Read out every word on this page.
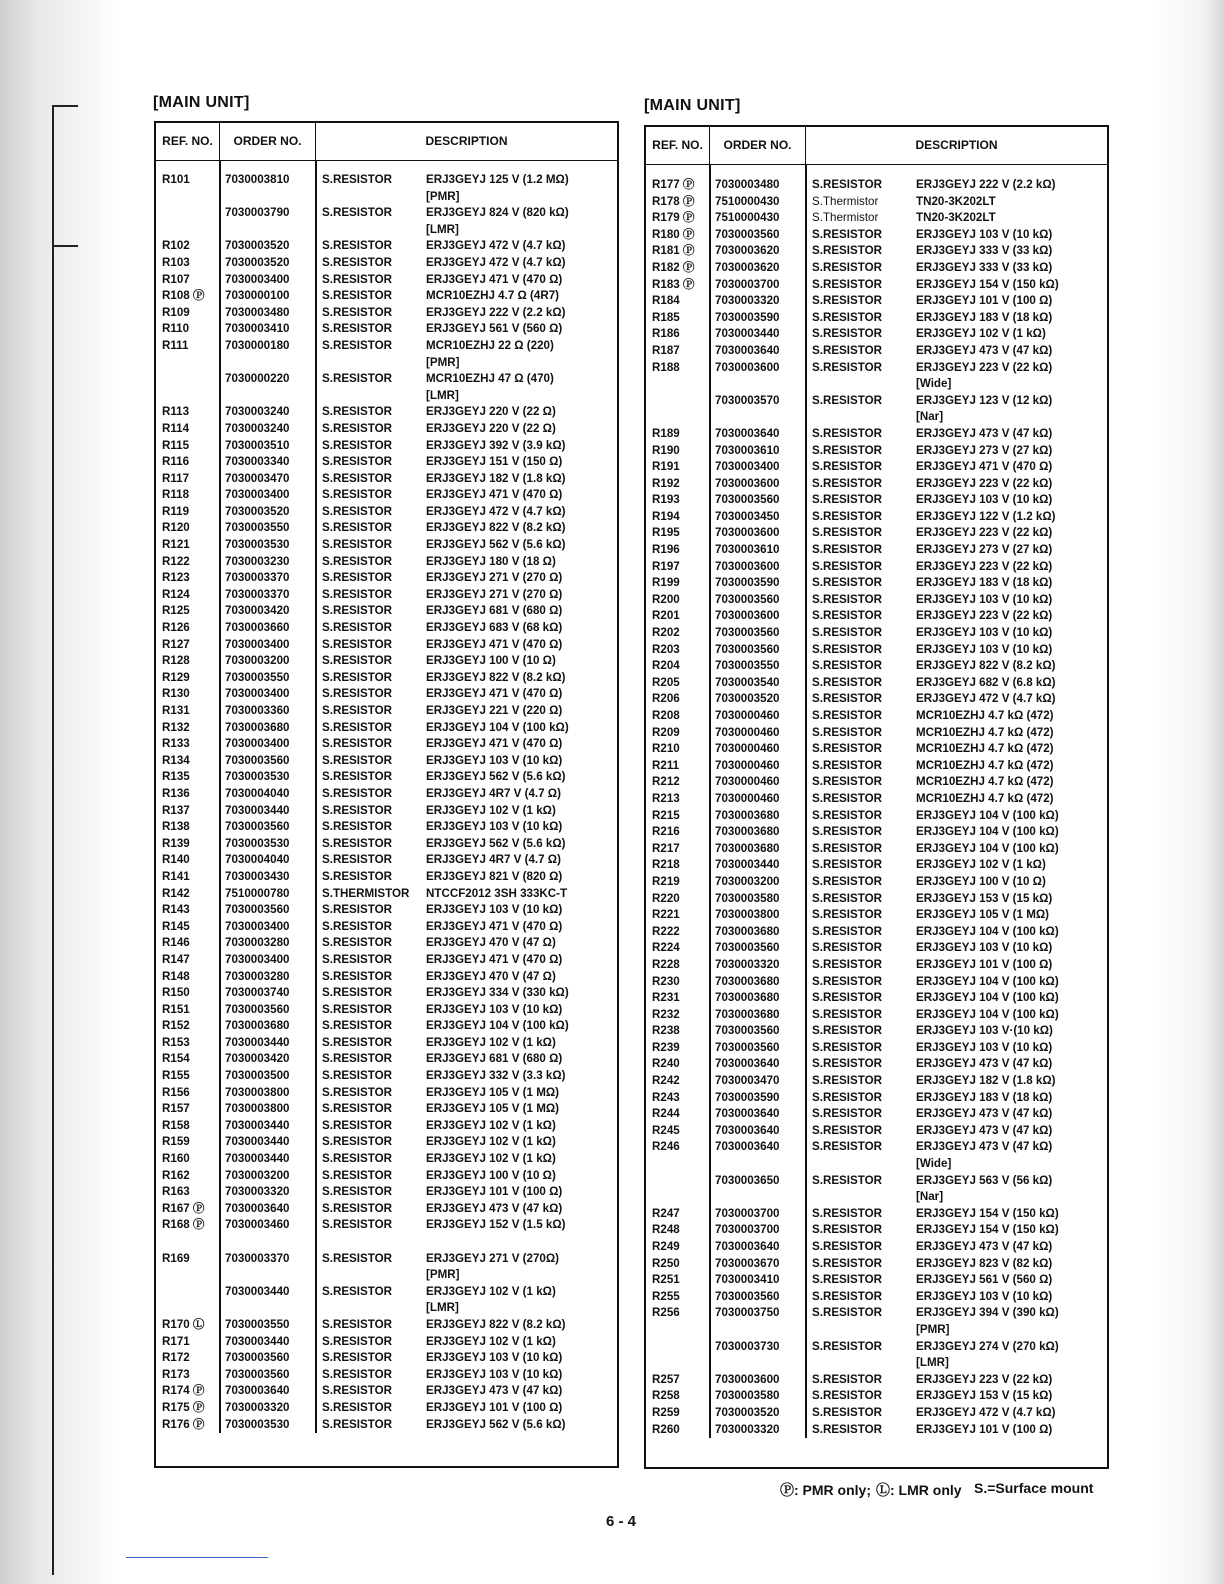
[MAIN UNIT]
REF. NO.	ORDER NO.	DESCRIPTION
R101	7030003810	S.RESISTOR	ERJ3GEYJ 125 V (1.2 MΩ)
[PMR]
7030003790	S.RESISTOR	ERJ3GEYJ 824 V (820 kΩ)
[LMR]
R102	7030003520	S.RESISTOR	ERJ3GEYJ 472 V (4.7 kΩ)
R103	7030003520	S.RESISTOR	ERJ3GEYJ 472 V (4.7 kΩ)
R107	7030003400	S.RESISTOR	ERJ3GEYJ 471 V (470 Ω)
R108 Ⓟ 7030000100	S.RESISTOR	MCR10EZHJ 4.7 Ω (4R7)
R109	7030003480	S.RESISTOR	ERJ3GEYJ 222 V (2.2 kΩ)
R110	7030003410	S.RESISTOR	ERJ3GEYJ 561 V (560 Ω)
R111	7030000180	S.RESISTOR	MCR10EZHJ 22 Ω (220)
[PMR]
7030000220	S.RESISTOR	MCR10EZHJ 47 Ω (470)
[LMR]
R113	7030003240	S.RESISTOR	ERJ3GEYJ 220 V (22 Ω)
R114	7030003240	S.RESISTOR	ERJ3GEYJ 220 V (22 Ω)
R115	7030003510	S.RESISTOR	ERJ3GEYJ 392 V (3.9 kΩ)
R116	7030003340	S.RESISTOR	ERJ3GEYJ 151 V (150 Ω)
R117	7030003470	S.RESISTOR	ERJ3GEYJ 182 V (1.8 kΩ)
R118	7030003400	S.RESISTOR	ERJ3GEYJ 471 V (470 Ω)
R119	7030003520	S.RESISTOR	ERJ3GEYJ 472 V (4.7 kΩ)
R120	7030003550	S.RESISTOR	ERJ3GEYJ 822 V (8.2 kΩ)
R121	7030003530	S.RESISTOR	ERJ3GEYJ 562 V (5.6 kΩ)
R122	7030003230	S.RESISTOR	ERJ3GEYJ 180 V (18 Ω)
R123	7030003370	S.RESISTOR	ERJ3GEYJ 271 V (270 Ω)
R124	7030003370	S.RESISTOR	ERJ3GEYJ 271 V (270 Ω)
R125	7030003420	S.RESISTOR	ERJ3GEYJ 681 V (680 Ω)
R126	7030003660	S.RESISTOR	ERJ3GEYJ 683 V (68 kΩ)
R127	7030003400	S.RESISTOR	ERJ3GEYJ 471 V (470 Ω)
R128	7030003200	S.RESISTOR	ERJ3GEYJ 100 V (10 Ω)
R129	7030003550	S.RESISTOR	ERJ3GEYJ 822 V (8.2 kΩ)
R130	7030003400	S.RESISTOR	ERJ3GEYJ 471 V (470 Ω)
R131	7030003360	S.RESISTOR	ERJ3GEYJ 221 V (220 Ω)
R132	7030003680	S.RESISTOR	ERJ3GEYJ 104 V (100 kΩ)
R133	7030003400	S.RESISTOR	ERJ3GEYJ 471 V (470 Ω)
R134	7030003560	S.RESISTOR	ERJ3GEYJ 103 V (10 kΩ)
R135	7030003530	S.RESISTOR	ERJ3GEYJ 562 V (5.6 kΩ)
R136	7030004040	S.RESISTOR	ERJ3GEYJ 4R7 V (4.7 Ω)
R137	7030003440	S.RESISTOR	ERJ3GEYJ 102 V (1 kΩ)
R138	7030003560	S.RESISTOR	ERJ3GEYJ 103 V (10 kΩ)
R139	7030003530	S.RESISTOR	ERJ3GEYJ 562 V (5.6 kΩ)
R140	7030004040	S.RESISTOR	ERJ3GEYJ 4R7 V (4.7 Ω)
R141	7030003430	S.RESISTOR	ERJ3GEYJ 821 V (820 Ω)
R142	7510000780	S.THERMISTOR NTCCF2012 3SH 333KC-T
R143	7030003560	S.RESISTOR	ERJ3GEYJ 103 V (10 kΩ)
R145	7030003400	S.RESISTOR	ERJ3GEYJ 471 V (470 Ω)
R146	7030003280	S.RESISTOR	ERJ3GEYJ 470 V (47 Ω)
R147	7030003400	S.RESISTOR	ERJ3GEYJ 471 V (470 Ω)
R148	7030003280	S.RESISTOR	ERJ3GEYJ 470 V (47 Ω)
R150	7030003740	S.RESISTOR	ERJ3GEYJ 334 V (330 kΩ)
R151	7030003560	S.RESISTOR	ERJ3GEYJ 103 V (10 kΩ)
R152	7030003680	S.RESISTOR	ERJ3GEYJ 104 V (100 kΩ)
R153	7030003440	S.RESISTOR	ERJ3GEYJ 102 V (1 kΩ)
R154	7030003420	S.RESISTOR	ERJ3GEYJ 681 V (680 Ω)
R155	7030003500	S.RESISTOR	ERJ3GEYJ 332 V (3.3 kΩ)
R156	7030003800	S.RESISTOR	ERJ3GEYJ 105 V (1 MΩ)
R157	7030003800	S.RESISTOR	ERJ3GEYJ 105 V (1 MΩ)
R158	7030003440	S.RESISTOR	ERJ3GEYJ 102 V (1 kΩ)
R159	7030003440	S.RESISTOR	ERJ3GEYJ 102 V (1 kΩ)
R160	7030003440	S.RESISTOR	ERJ3GEYJ 102 V (1 kΩ)
R162	7030003200	S.RESISTOR	ERJ3GEYJ 100 V (10 Ω)
R163	7030003320	S.RESISTOR	ERJ3GEYJ 101 V (100 Ω)
R167 Ⓟ 7030003640	S.RESISTOR	ERJ3GEYJ 473 V (47 kΩ)
R168 Ⓟ 7030003460	S.RESISTOR	ERJ3GEYJ 152 V (1.5 kΩ)
R169	7030003370	S.RESISTOR	ERJ3GEYJ 271 V (270Ω)
[PMR]
7030003440	S.RESISTOR	ERJ3GEYJ 102 V (1 kΩ)
[LMR]
R170 Ⓛ 7030003550	S.RESISTOR	ERJ3GEYJ 822 V (8.2 kΩ)
R171	7030003440	S.RESISTOR	ERJ3GEYJ 102 V (1 kΩ)
R172	7030003560	S.RESISTOR	ERJ3GEYJ 103 V (10 kΩ)
R173	7030003560	S.RESISTOR	ERJ3GEYJ 103 V (10 kΩ)
R174 Ⓟ 7030003640	S.RESISTOR	ERJ3GEYJ 473 V (47 kΩ)
R175 Ⓟ 7030003320	S.RESISTOR	ERJ3GEYJ 101 V (100 Ω)
R176 Ⓟ 7030003530	S.RESISTOR	ERJ3GEYJ 562 V (5.6 kΩ)
[MAIN UNIT]
REF. NO.	ORDER NO.	DESCRIPTION
R177 Ⓟ 7030003480	S.RESISTOR	ERJ3GEYJ 222 V (2.2 kΩ)
R178 Ⓟ 7510000430	S.Thermistor	TN20-3K202LT
R179 Ⓟ 7510000430	S.Thermistor	TN20-3K202LT
R180 Ⓟ 7030003560	S.RESISTOR	ERJ3GEYJ 103 V (10 kΩ)
R181 Ⓟ 7030003620	S.RESISTOR	ERJ3GEYJ 333 V (33 kΩ)
R182 Ⓟ 7030003620	S.RESISTOR	ERJ3GEYJ 333 V (33 kΩ)
R183 Ⓟ 7030003700	S.RESISTOR	ERJ3GEYJ 154 V (150 kΩ)
R184	7030003320	S.RESISTOR	ERJ3GEYJ 101 V (100 Ω)
R185	7030003590	S.RESISTOR	ERJ3GEYJ 183 V (18 kΩ)
R186	7030003440	S.RESISTOR	ERJ3GEYJ 102 V (1 kΩ)
R187	7030003640	S.RESISTOR	ERJ3GEYJ 473 V (47 kΩ)
R188	7030003600	S.RESISTOR	ERJ3GEYJ 223 V (22 kΩ)
[Wide]
7030003570	S.RESISTOR	ERJ3GEYJ 123 V (12 kΩ)
[Nar]
R189	7030003640	S.RESISTOR	ERJ3GEYJ 473 V (47 kΩ)
R190	7030003610	S.RESISTOR	ERJ3GEYJ 273 V (27 kΩ)
R191	7030003400	S.RESISTOR	ERJ3GEYJ 471 V (470 Ω)
R192	7030003600	S.RESISTOR	ERJ3GEYJ 223 V (22 kΩ)
R193	7030003560	S.RESISTOR	ERJ3GEYJ 103 V (10 kΩ)
R194	7030003450	S.RESISTOR	ERJ3GEYJ 122 V (1.2 kΩ)
R195	7030003600	S.RESISTOR	ERJ3GEYJ 223 V (22 kΩ)
R196	7030003610	S.RESISTOR	ERJ3GEYJ 273 V (27 kΩ)
R197	7030003600	S.RESISTOR	ERJ3GEYJ 223 V (22 kΩ)
R199	7030003590	S.RESISTOR	ERJ3GEYJ 183 V (18 kΩ)
R200	7030003560	S.RESISTOR	ERJ3GEYJ 103 V (10 kΩ)
R201	7030003600	S.RESISTOR	ERJ3GEYJ 223 V (22 kΩ)
R202	7030003560	S.RESISTOR	ERJ3GEYJ 103 V (10 kΩ)
R203	7030003560	S.RESISTOR	ERJ3GEYJ 103 V (10 kΩ)
R204	7030003550	S.RESISTOR	ERJ3GEYJ 822 V (8.2 kΩ)
R205	7030003540	S.RESISTOR	ERJ3GEYJ 682 V (6.8 kΩ)
R206	7030003520	S.RESISTOR	ERJ3GEYJ 472 V (4.7 kΩ)
R208	7030000460	S.RESISTOR	MCR10EZHJ 4.7 kΩ (472)
R209	7030000460	S.RESISTOR	MCR10EZHJ 4.7 kΩ (472)
R210	7030000460	S.RESISTOR	MCR10EZHJ 4.7 kΩ (472)
R211	7030000460	S.RESISTOR	MCR10EZHJ 4.7 kΩ (472)
R212	7030000460	S.RESISTOR	MCR10EZHJ 4.7 kΩ (472)
R213	7030000460	S.RESISTOR	MCR10EZHJ 4.7 kΩ (472)
R215	7030003680	S.RESISTOR	ERJ3GEYJ 104 V (100 kΩ)
R216	7030003680	S.RESISTOR	ERJ3GEYJ 104 V (100 kΩ)
R217	7030003680	S.RESISTOR	ERJ3GEYJ 104 V (100 kΩ)
R218	7030003440	S.RESISTOR	ERJ3GEYJ 102 V (1 kΩ)
R219	7030003200	S.RESISTOR	ERJ3GEYJ 100 V (10 Ω)
R220	7030003580	S.RESISTOR	ERJ3GEYJ 153 V (15 kΩ)
R221	7030003800	S.RESISTOR	ERJ3GEYJ 105 V (1 MΩ)
R222	7030003680	S.RESISTOR	ERJ3GEYJ 104 V (100 kΩ)
R224	7030003560	S.RESISTOR	ERJ3GEYJ 103 V (10 kΩ)
R228	7030003320	S.RESISTOR	ERJ3GEYJ 101 V (100 Ω)
R230	7030003680	S.RESISTOR	ERJ3GEYJ 104 V (100 kΩ)
R231	7030003680	S.RESISTOR	ERJ3GEYJ 104 V (100 kΩ)
R232	7030003680	S.RESISTOR	ERJ3GEYJ 104 V (100 kΩ)
R238	7030003560	S.RESISTOR	ERJ3GEYJ 103 V·(10 kΩ)
R239	7030003560	S.RESISTOR	ERJ3GEYJ 103 V (10 kΩ)
R240	7030003640	S.RESISTOR	ERJ3GEYJ 473 V (47 kΩ)
R242	7030003470	S.RESISTOR	ERJ3GEYJ 182 V (1.8 kΩ)
R243	7030003590	S.RESISTOR	ERJ3GEYJ 183 V (18 kΩ)
R244	7030003640	S.RESISTOR	ERJ3GEYJ 473 V (47 kΩ)
R245	7030003640	S.RESISTOR	ERJ3GEYJ 473 V (47 kΩ)
R246	7030003640	S.RESISTOR	ERJ3GEYJ 473 V (47 kΩ)
[Wide]
7030003650	S.RESISTOR	ERJ3GEYJ 563 V (56 kΩ)
[Nar]
R247	7030003700	S.RESISTOR	ERJ3GEYJ 154 V (150 kΩ)
R248	7030003700	S.RESISTOR	ERJ3GEYJ 154 V (150 kΩ)
R249	7030003640	S.RESISTOR	ERJ3GEYJ 473 V (47 kΩ)
R250	7030003670	S.RESISTOR	ERJ3GEYJ 823 V (82 kΩ)
R251	7030003410	S.RESISTOR	ERJ3GEYJ 561 V (560 Ω)
R255	7030003560	S.RESISTOR	ERJ3GEYJ 103 V (10 kΩ)
R256	7030003750	S.RESISTOR	ERJ3GEYJ 394 V (390 kΩ)
[PMR]
7030003730	S.RESISTOR	ERJ3GEYJ 274 V (270 kΩ)
[LMR]
R257	7030003600	S.RESISTOR	ERJ3GEYJ 223 V (22 kΩ)
R258	7030003580	S.RESISTOR	ERJ3GEYJ 153 V (15 kΩ)
R259	7030003520	S.RESISTOR	ERJ3GEYJ 472 V (4.7 kΩ)
R260	7030003320	S.RESISTOR	ERJ3GEYJ 101 V (100 Ω)
Ⓟ: PMR only; Ⓛ: LMR only S.=Surface mount
6 - 4
